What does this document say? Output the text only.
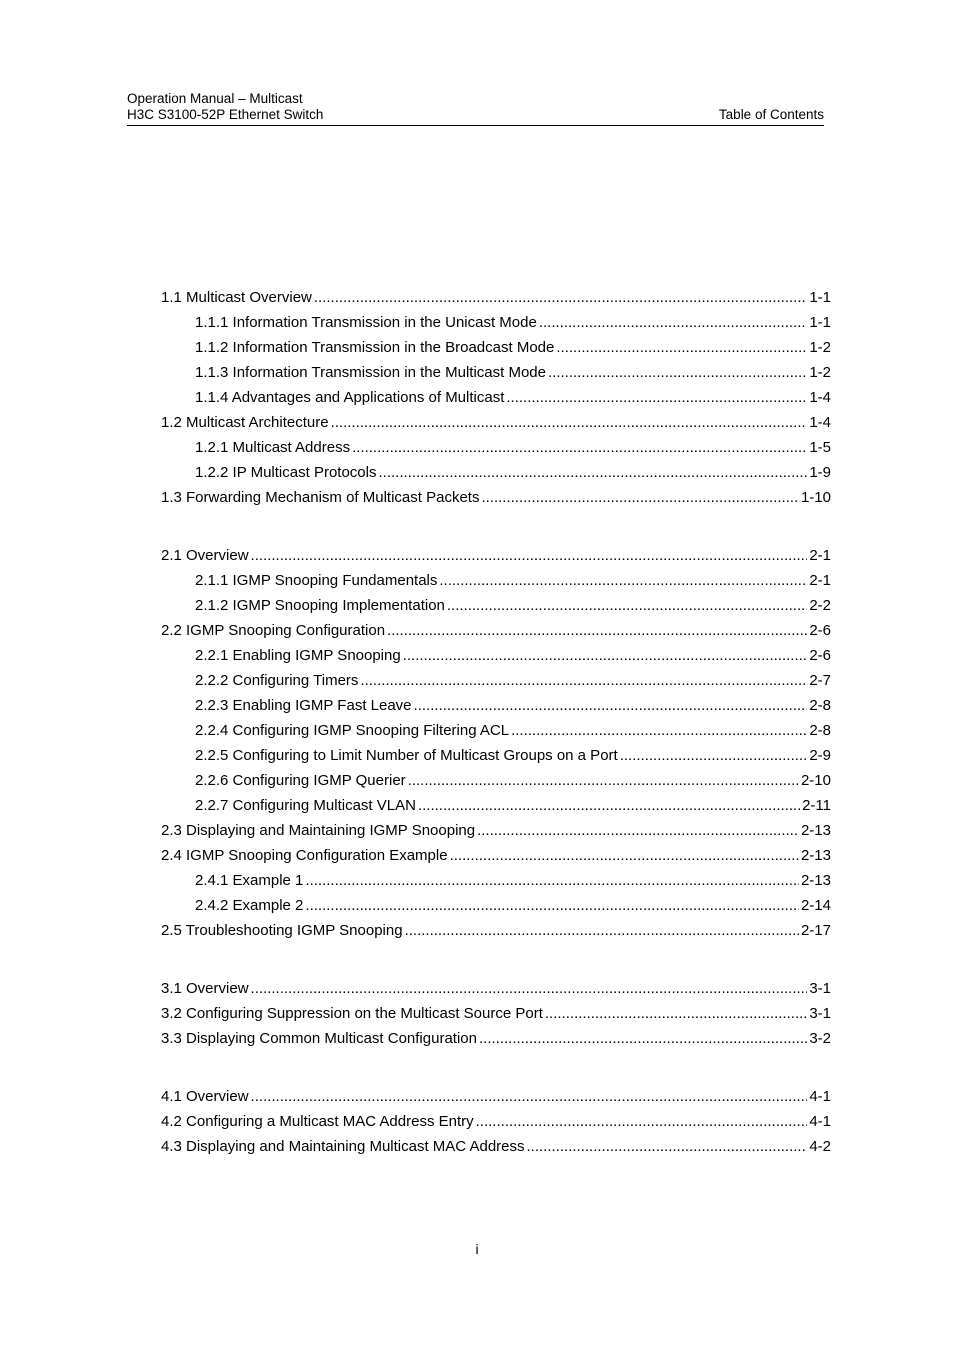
Operation Manual – Multicast
H3C S3100-52P Ethernet Switch	Table of Contents
1.1 Multicast Overview .....	1-1
1.1.1 Information Transmission in the Unicast Mode .....	1-1
1.1.2 Information Transmission in the Broadcast Mode .....	1-2
1.1.3 Information Transmission in the Multicast Mode .....	1-2
1.1.4 Advantages and Applications of Multicast .....	1-4
1.2 Multicast Architecture .....	1-4
1.2.1 Multicast Address .....	1-5
1.2.2 IP Multicast Protocols .....	1-9
1.3 Forwarding Mechanism of Multicast Packets .....	1-10
2.1 Overview .....	2-1
2.1.1 IGMP Snooping Fundamentals .....	2-1
2.1.2 IGMP Snooping Implementation .....	2-2
2.2 IGMP Snooping Configuration .....	2-6
2.2.1 Enabling IGMP Snooping .....	2-6
2.2.2 Configuring Timers .....	2-7
2.2.3 Enabling IGMP Fast Leave .....	2-8
2.2.4 Configuring IGMP Snooping Filtering ACL .....	2-8
2.2.5 Configuring to Limit Number of Multicast Groups on a Port .....	2-9
2.2.6 Configuring IGMP Querier .....	2-10
2.2.7 Configuring Multicast VLAN .....	2-11
2.3 Displaying and Maintaining IGMP Snooping .....	2-13
2.4 IGMP Snooping Configuration Example .....	2-13
2.4.1 Example 1 .....	2-13
2.4.2 Example 2 .....	2-14
2.5 Troubleshooting IGMP Snooping .....	2-17
3.1 Overview .....	3-1
3.2 Configuring Suppression on the Multicast Source Port .....	3-1
3.3 Displaying Common Multicast Configuration .....	3-2
4.1 Overview .....	4-1
4.2 Configuring a Multicast MAC Address Entry .....	4-1
4.3 Displaying and Maintaining Multicast MAC Address .....	4-2
i
